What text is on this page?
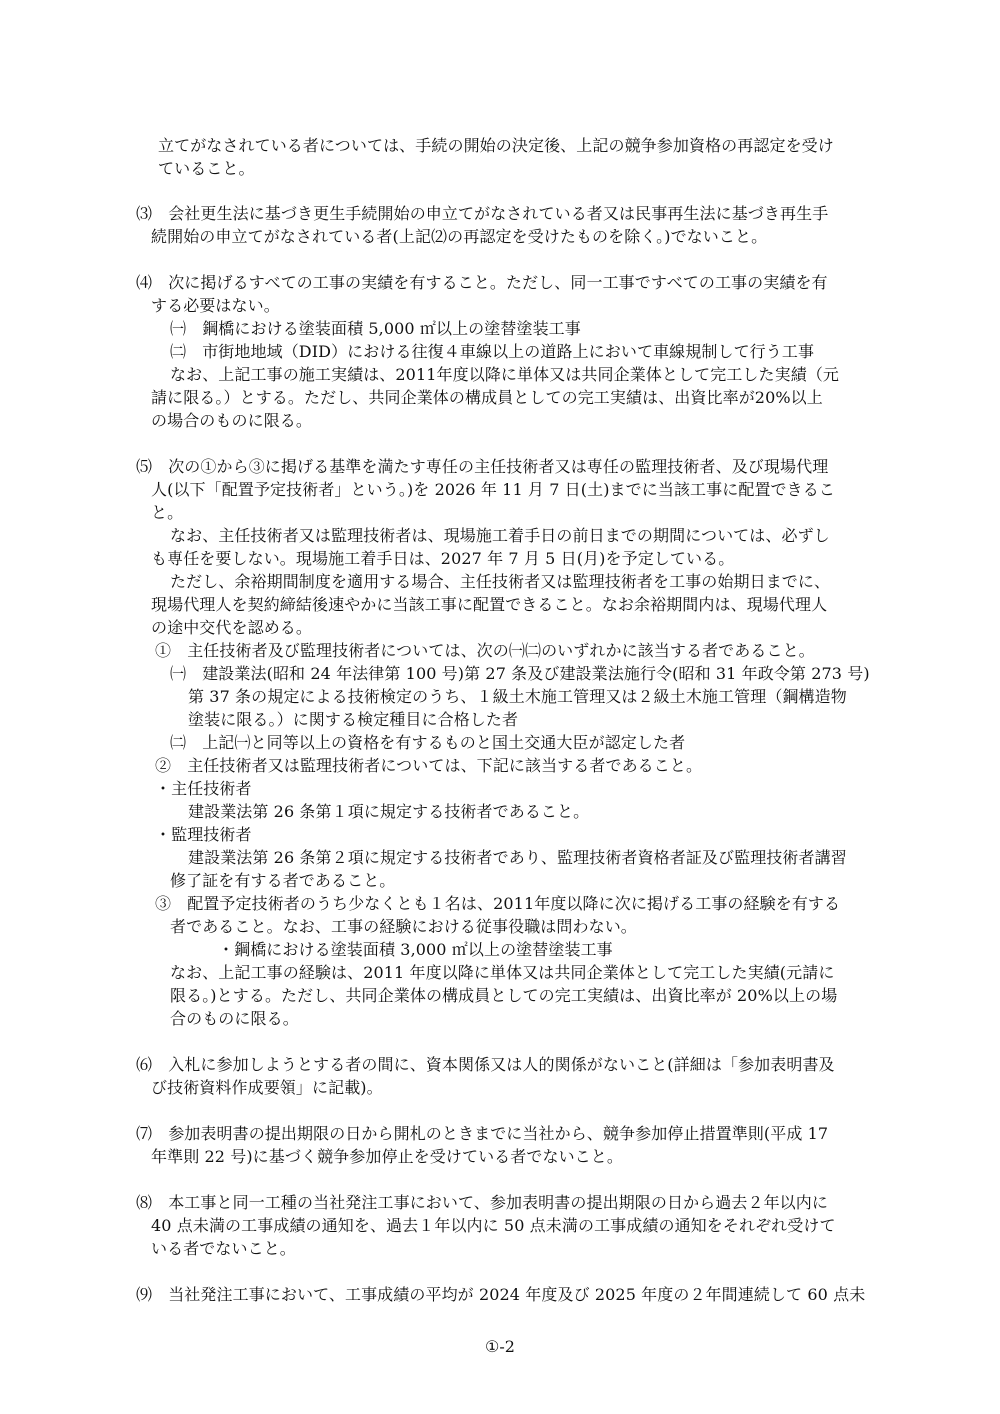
立てがなされている者については、手続の開始の決定後、上記の競争参加資格の再認定を受け
ていること。
⑶　会社更生法に基づき更生手続開始の申立てがなされている者又は民事再生法に基づき再生手
続開始の申立てがなされている者(上記⑵の再認定を受けたものを除く。)でないこと。
⑷　次に掲げるすべての工事の実績を有すること。ただし、同一工事ですべての工事の実績を有
する必要はない。
㈠　鋼橋における塗装面積 5,000 ㎡以上の塗替塗装工事
㈡　市街地地域（DID）における往復４車線以上の道路上において車線規制して行う工事
なお、上記工事の施工実績は、2011年度以降に単体又は共同企業体として完工した実績（元
請に限る。）とする。ただし、共同企業体の構成員としての完工実績は、出資比率が20%以上
の場合のものに限る。
⑸　次の①から③に掲げる基準を満たす専任の主任技術者又は専任の監理技術者、及び現場代理
人(以下「配置予定技術者」という。)を 2026 年 11 月 7 日(土)までに当該工事に配置できるこ
と。
なお、主任技術者又は監理技術者は、現場施工着手日の前日までの期間については、必ずし
も専任を要しない。現場施工着手日は、2027 年 7 月 5 日(月)を予定している。
ただし、余裕期間制度を適用する場合、主任技術者又は監理技術者を工事の始期日までに、
現場代理人を契約締結後速やかに当該工事に配置できること。なお余裕期間内は、現場代理人
の途中交代を認める。
①　主任技術者及び監理技術者については、次の㈠㈡のいずれかに該当する者であること。
㈠　建設業法(昭和 24 年法律第 100 号)第 27 条及び建設業法施行令(昭和 31 年政令第 273 号)
第 37 条の規定による技術検定のうち、１級土木施工管理又は２級土木施工管理（鋼構造物
塗装に限る。）に関する検定種目に合格した者
㈡　上記㈠と同等以上の資格を有するものと国土交通大臣が認定した者
②　主任技術者又は監理技術者については、下記に該当する者であること。
・主任技術者
建設業法第 26 条第１項に規定する技術者であること。
・監理技術者
建設業法第 26 条第２項に規定する技術者であり、監理技術者資格者証及び監理技術者講習
修了証を有する者であること。
③　配置予定技術者のうち少なくとも１名は、2011年度以降に次に掲げる工事の経験を有する
者であること。なお、工事の経験における従事役職は問わない。
・鋼橋における塗装面積 3,000 ㎡以上の塗替塗装工事
なお、上記工事の経験は、2011 年度以降に単体又は共同企業体として完工した実績(元請に
限る。)とする。ただし、共同企業体の構成員としての完工実績は、出資比率が 20%以上の場
合のものに限る。
⑹　入札に参加しようとする者の間に、資本関係又は人的関係がないこと(詳細は「参加表明書及
び技術資料作成要領」に記載)。
⑺　参加表明書の提出期限の日から開札のときまでに当社から、競争参加停止措置準則(平成 17
年準則 22 号)に基づく競争参加停止を受けている者でないこと。
⑻　本工事と同一工種の当社発注工事において、参加表明書の提出期限の日から過去２年以内に
40 点未満の工事成績の通知を、過去１年以内に 50 点未満の工事成績の通知をそれぞれ受けて
いる者でないこと。
⑼　当社発注工事において、工事成績の平均が 2024 年度及び 2025 年度の２年間連続して 60 点未
①-2
